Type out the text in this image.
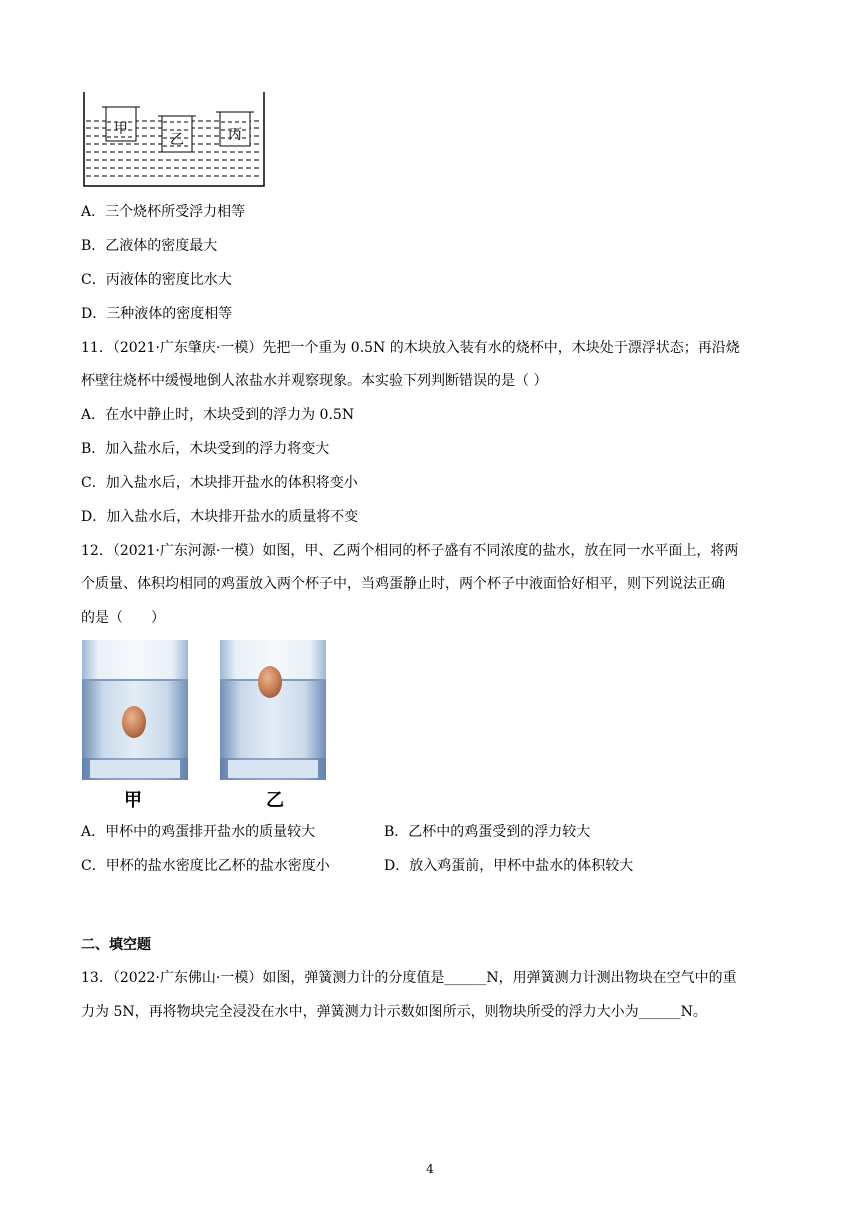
甲
乙	丙
A．三个烧杯所受浮力相等
B．乙液体的密度最大
C．丙液体的密度比水大
D．三种液体的密度相等
11．（2021·广东肇庆·一模）先把一个重为 0.5N 的木块放入装有水的烧杯中，木块处于漂浮状态；再沿烧
杯壁往烧杯中缓慢地倒人浓盐水并观察现象。本实验下列判断错误的是（ ）
A．在水中静止时，木块受到的浮力为 0.5N
B．加入盐水后，木块受到的浮力将变大
C．加入盐水后，木块排开盐水的体积将变小
D．加入盐水后，木块排开盐水的质量将不变
12．（2021·广东河源·一模）如图，甲、乙两个相同的杯子盛有不同浓度的盐水，放在同一水平面上，将两
个质量、体积均相同的鸡蛋放入两个杯子中，当鸡蛋静止时，两个杯子中液面恰好相平，则下列说法正确
的是（　　）
甲	乙
A．甲杯中的鸡蛋排开盐水的质量较大	B．乙杯中的鸡蛋受到的浮力较大
C．甲杯的盐水密度比乙杯的盐水密度小	D．放入鸡蛋前，甲杯中盐水的体积较大
二、填空题
13．（2022·广东佛山·一模）如图，弹簧测力计的分度值是______N，用弹簧测力计测出物块在空气中的重
力为 5N，再将物块完全浸没在水中，弹簧测力计示数如图所示，则物块所受的浮力大小为______N。
4
